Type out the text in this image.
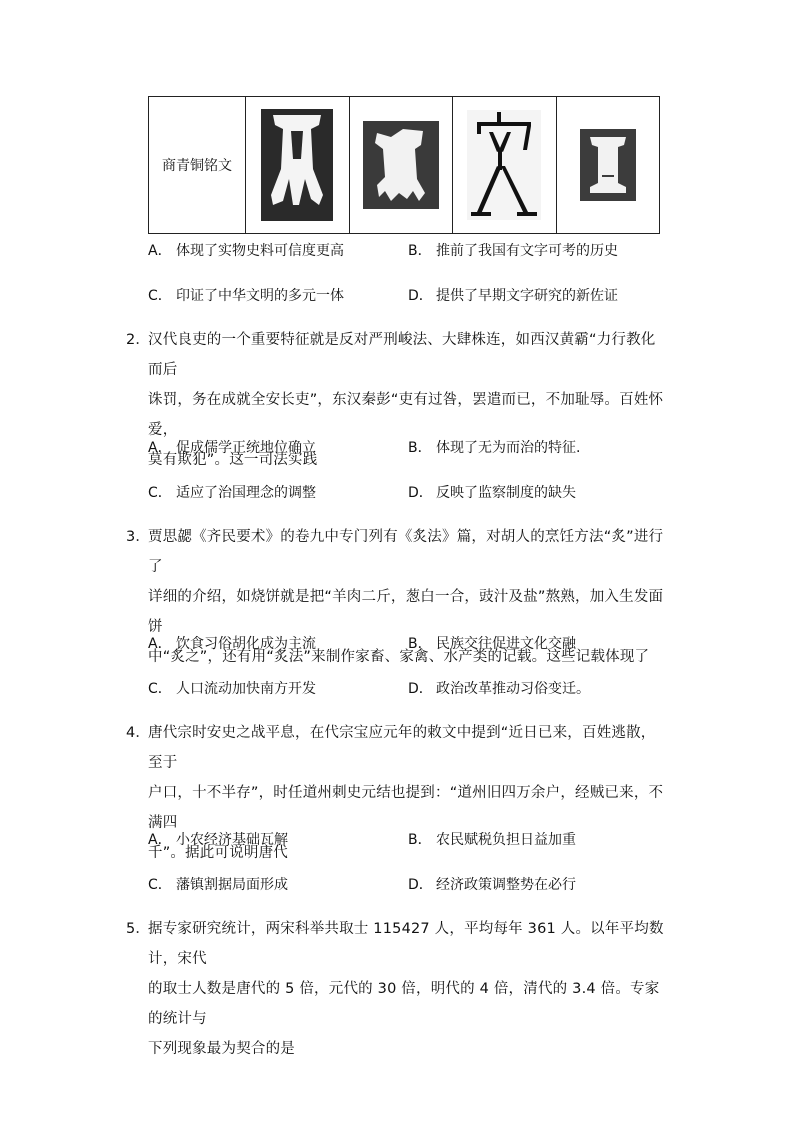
商青铜铭文	

A． 体现了实物史料可信度更高	B． 推前了我国有文字可考的历史
C． 印证了中华文明的多元一体	D． 提供了早期文字研究的新佐证
2．
汉代良吏的一个重要特征就是反对严刑峻法、大肆株连，如西汉黄霸“力行教化而后
诛罚，务在成就全安长吏”，东汉秦彭“吏有过咎，罢遣而已，不加耻辱。百姓怀爱，
莫有欺犯”。这一司法实践
A． 促成儒学正统地位确立	B． 体现了无为而治的特征.
C． 适应了治国理念的调整	D． 反映了监察制度的缺失
3．
贾思勰《齐民要术》的卷九中专门列有《炙法》篇，对胡人的烹饪方法“炙”进行了
详细的介绍，如烧饼就是把“羊肉二斤，葱白一合，豉汁及盐”熬熟，加入生发面饼
中“炙之”，还有用“炙法”来制作家畜、家禽、水产类的记载。这些记载体现了
A． 饮食习俗胡化成为主流	B． 民族交往促进文化交融
C． 人口流动加快南方开发	D． 政治改革推动习俗变迁。
4．
唐代宗时安史之战平息，在代宗宝应元年的敕文中提到“近日已来，百姓逃散，至于
户口，十不半存”，时任道州刺史元结也提到：“道州旧四万余户，经贼已来，不满四
千”。据此可说明唐代
A． 小农经济基础瓦解	B． 农民赋税负担日益加重
C． 藩镇割据局面形成	D． 经济政策调整势在必行
5．
据专家研究统计，两宋科举共取士 115427 人，平均每年 361 人。以年平均数计，宋代
的取士人数是唐代的 5 倍，元代的 30 倍，明代的 4 倍，清代的 3.4 倍。专家的统计与
下列现象最为契合的是
